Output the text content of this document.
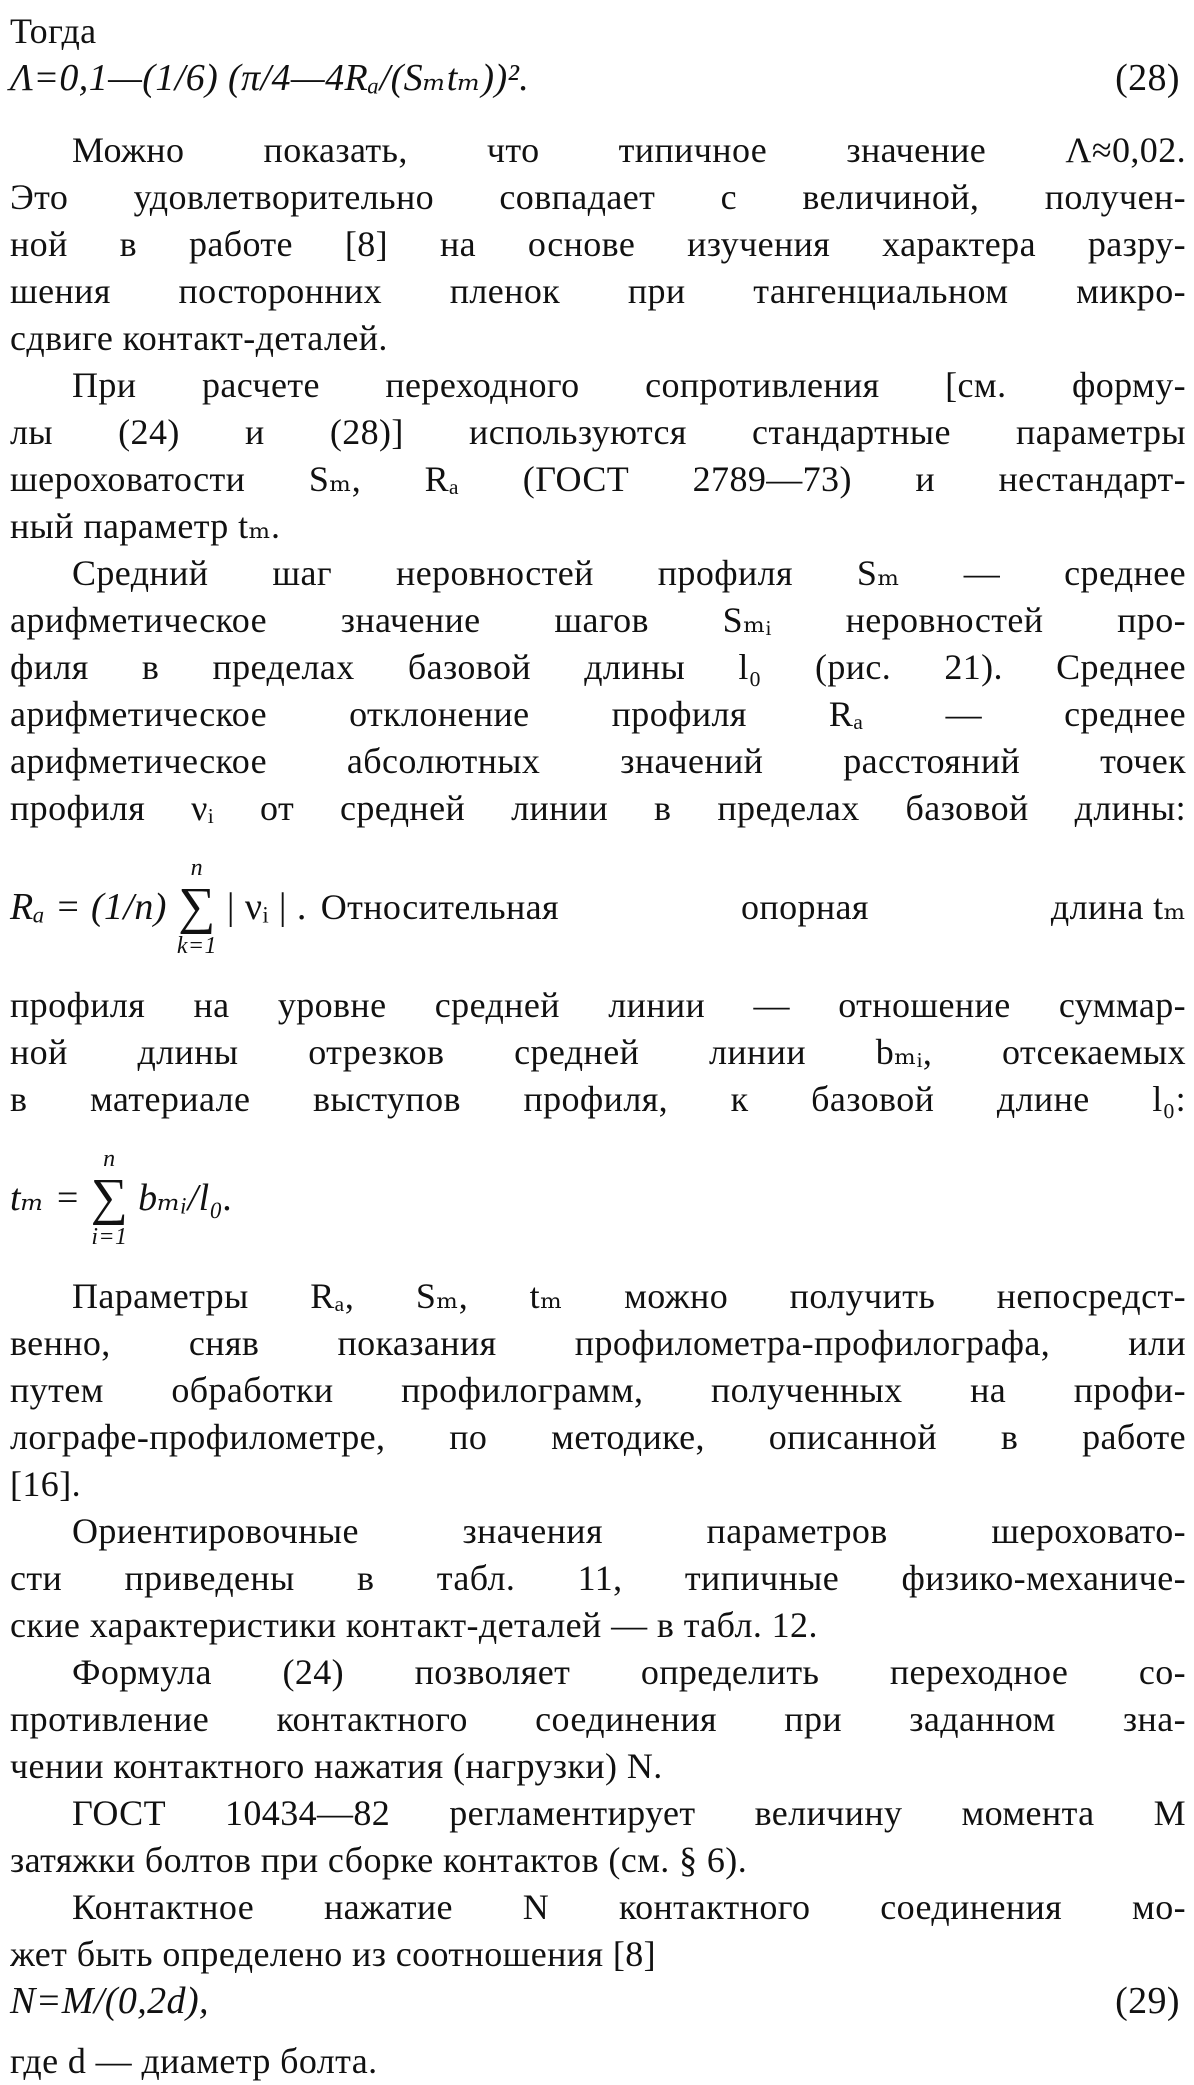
Тогда
Λ=0,1—(1/6) (π/4—4Rₐ/(Sₘtₘ))².	(28)
Можно показать, что типичное значение Λ≈0,02.
Это удовлетворительно совпадает с величиной, получен-
ной в работе [8] на основе изучения характера разру-
шения посторонних пленок при тангенциальном микро-
сдвиге контакт-деталей.
При расчете переходного сопротивления [см. форму-
лы (24) и (28)] используются стандартные параметры
шероховатости Sₘ, Rₐ (ГОСТ 2789—73) и нестандарт-
ный параметр tₘ.
Средний шаг неровностей профиля Sₘ — среднее
арифметическое значение шагов Sₘᵢ неровностей про-
филя в пределах базовой длины l₀ (рис. 21). Среднее
арифметическое отклонение профиля Rₐ — среднее
арифметическое абсолютных значений расстояний точек
профиля νᵢ от средней линии в пределах базовой длины:
Rₐ = (1/n)
n
∑
k=1
| νᵢ | . Относительная	опорная	длина tₘ
профиля на уровне средней линии — отношение суммар-
ной длины отрезков средней линии bₘᵢ, отсекаемых
в материале выступов профиля, к базовой длине l₀:
tₘ =
n
∑
i=1
bₘᵢ/l₀.
Параметры Rₐ, Sₘ, tₘ можно получить непосредст-
венно, сняв показания профилометра-профилографа, или
путем обработки профилограмм, полученных на профи-
лографе-профилометре, по методике, описанной в работе
[16].
Ориентировочные значения параметров шероховато-
сти приведены в табл. 11, типичные физико-механиче-
ские характеристики контакт-деталей — в табл. 12.
Формула (24) позволяет определить переходное со-
противление контактного соединения при заданном зна-
чении контактного нажатия (нагрузки) N.
ГОСТ 10434—82 регламентирует величину момента M
затяжки болтов при сборке контактов (см. § 6).
Контактное нажатие N контактного соединения мо-
жет быть определено из соотношения [8]
N=M/(0,2d),	(29)
где d — диаметр болта.
